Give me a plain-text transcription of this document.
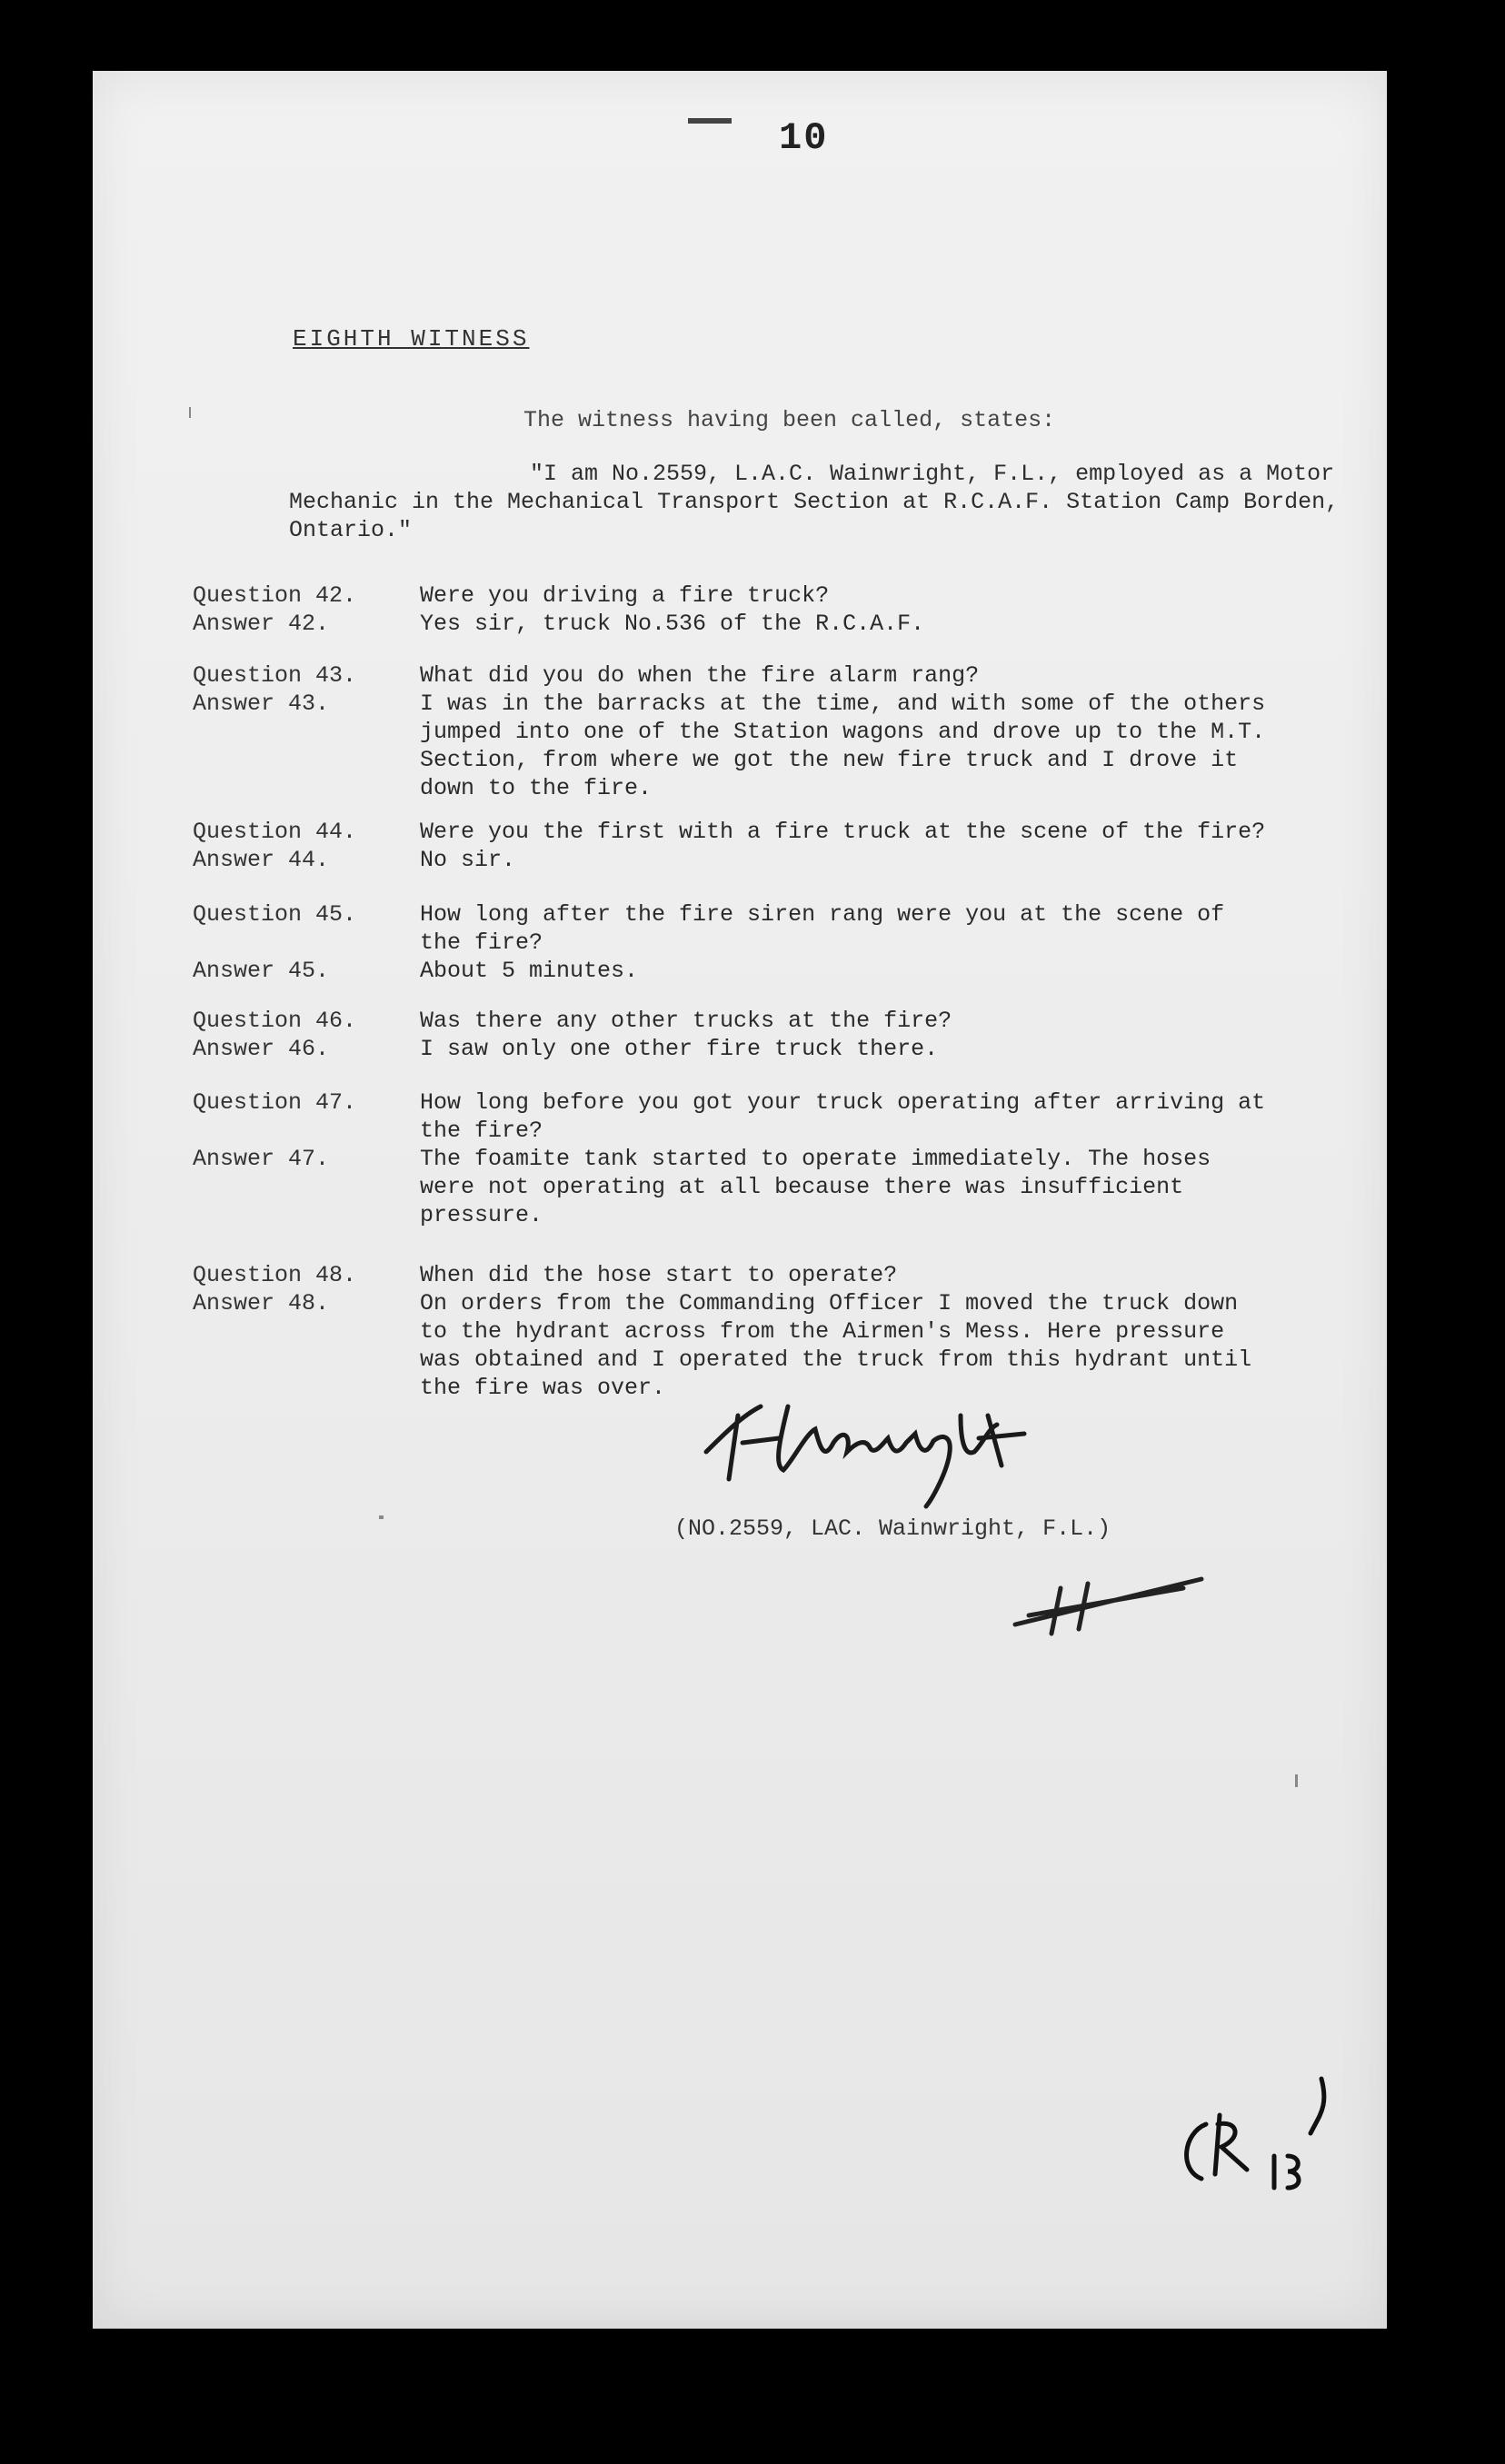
10
EIGHTH WITNESS
The witness having been called, states:
"I am No.2559, L.A.C. Wainwright, F.L., employed as a Motor Mechanic in the Mechanical Transport Section at R.C.A.F. Station Camp Borden, Ontario."
Question 42.	Were you driving a fire truck?
Answer 42.	Yes sir, truck No.536 of the R.C.A.F.
Question 43.	What did you do when the fire alarm rang?
Answer 43.	I was in the barracks at the time, and with some of the others jumped into one of the Station wagons and drove up to the M.T. Section, from where we got the new fire truck and I drove it down to the fire.
Question 44.	Were you the first with a fire truck at the scene of the fire?
Answer 44.	No sir.
Question 45.	How long after the fire siren rang were you at the scene of the fire?
Answer 45.	About 5 minutes.
Question 46.	Was there any other trucks at the fire?
Answer 46.	I saw only one other fire truck there.
Question 47.	How long before you got your truck operating after arriving at the fire?
Answer 47.	The foamite tank started to operate immediately. The hoses were not operating at all because there was insufficient pressure.
Question 48.	When did the hose start to operate?
Answer 48.	On orders from the Commanding Officer I moved the truck down to the hydrant across from the Airmen's Mess. Here pressure was obtained and I operated the truck from this hydrant until the fire was over.
(NO.2559, LAC. Wainwright, F.L.)
